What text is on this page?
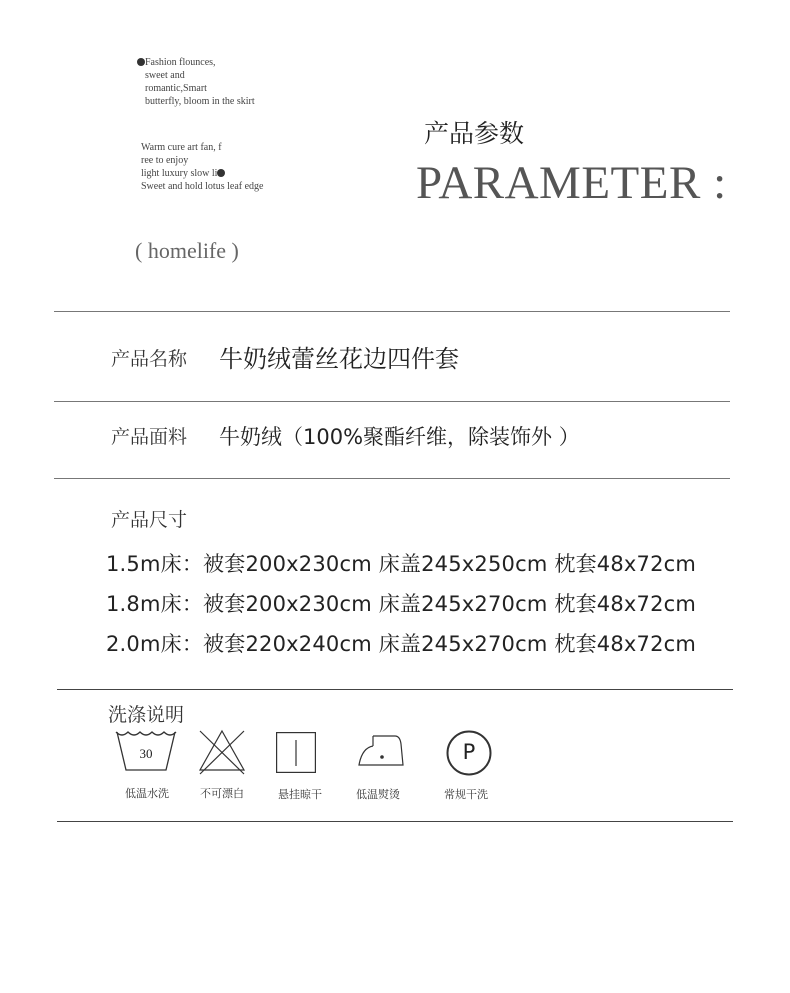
Fashion flounces,
sweet and
romantic,Smart
butterfly, bloom in the skirt
Warm cure art fan, f
ree to enjoy
light luxury slow li
Sweet and hold lotus leaf edge
( homelife )
产品参数
PARAMETER :
产品名称 牛奶绒蕾丝花边四件套
产品面料 牛奶绒（100%聚酯纤维，除装饰外 ）
产品尺寸
1.5m床：被套200x230cm 床盖245x250cm 枕套48x72cm
1.8m床：被套200x230cm 床盖245x270cm 枕套48x72cm
2.0m床：被套220x240cm 床盖245x270cm 枕套48x72cm
洗涤说明
30
低温水洗	不可漂白	悬挂晾干	低温熨烫
P
常规干洗
